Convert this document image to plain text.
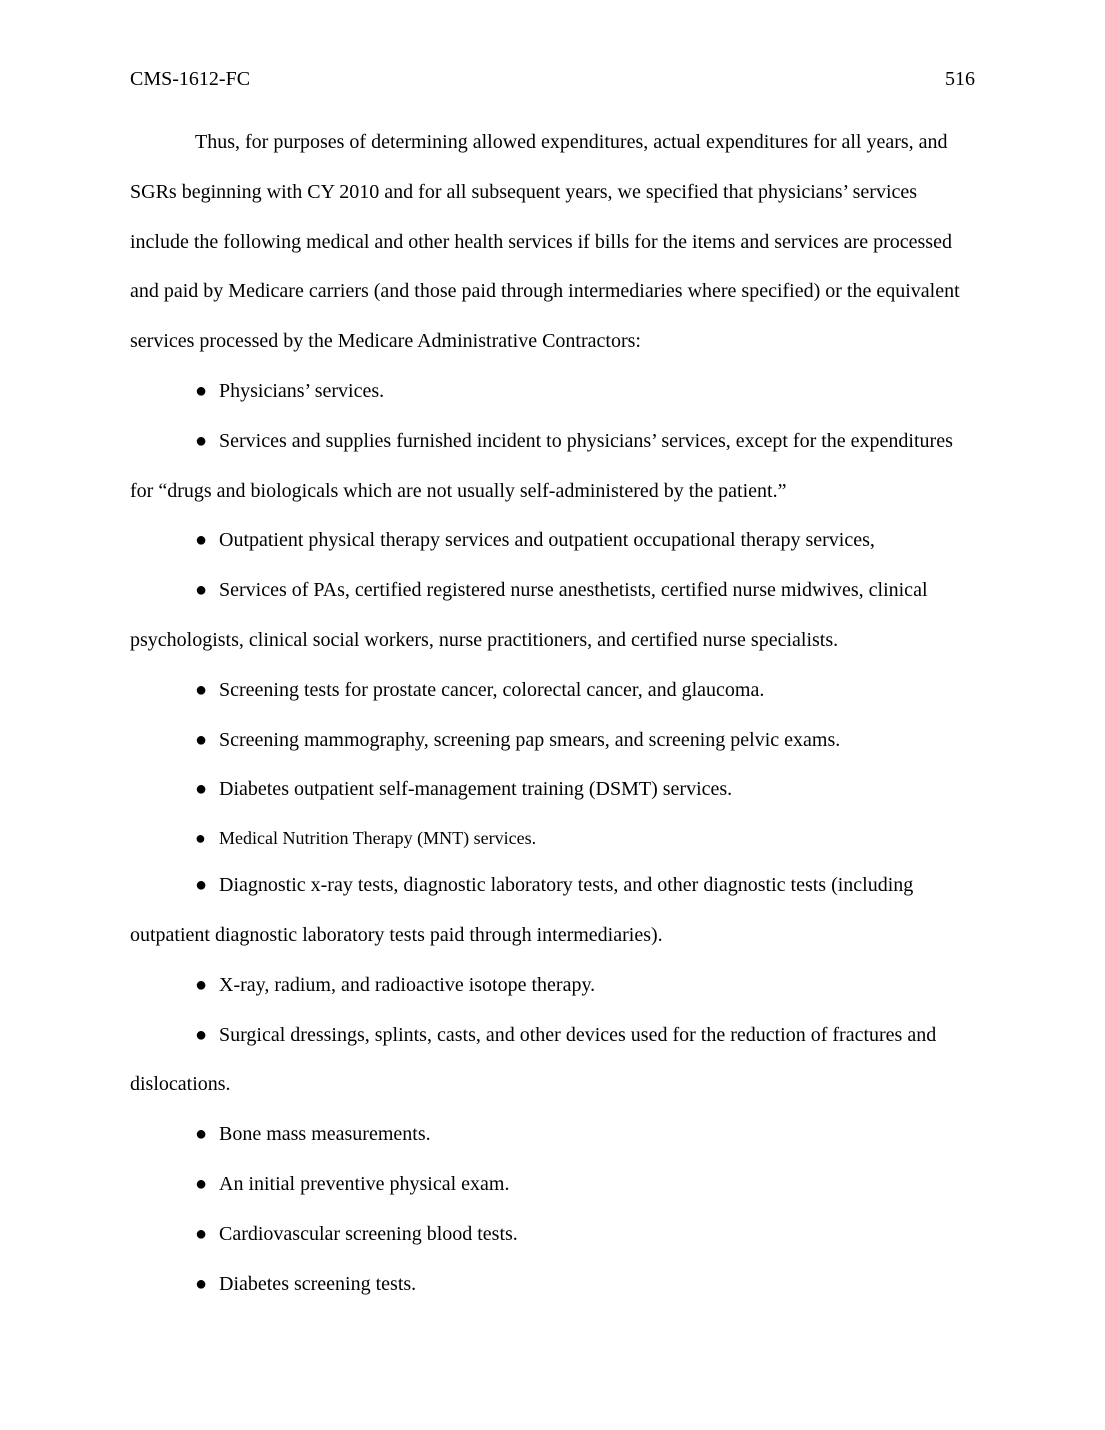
CMS-1612-FC	516

Thus, for purposes of determining allowed expenditures, actual expenditures for all years, and SGRs beginning with CY 2010 and for all subsequent years, we specified that physicians’ services include the following medical and other health services if bills for the items and services are processed and paid by Medicare carriers (and those paid through intermediaries where specified) or the equivalent services processed by the Medicare Administrative Contractors:

● Physicians’ services.

● Services and supplies furnished incident to physicians’ services, except for the expenditures for “drugs and biologicals which are not usually self-administered by the patient.”

● Outpatient physical therapy services and outpatient occupational therapy services,

● Services of PAs, certified registered nurse anesthetists, certified nurse midwives, clinical psychologists, clinical social workers, nurse practitioners, and certified nurse specialists.

● Screening tests for prostate cancer, colorectal cancer, and glaucoma.

● Screening mammography, screening pap smears, and screening pelvic exams.

● Diabetes outpatient self-management training (DSMT) services.

● Medical Nutrition Therapy (MNT) services.

● Diagnostic x-ray tests, diagnostic laboratory tests, and other diagnostic tests (including outpatient diagnostic laboratory tests paid through intermediaries).

● X-ray, radium, and radioactive isotope therapy.

● Surgical dressings, splints, casts, and other devices used for the reduction of fractures and dislocations.

● Bone mass measurements.

● An initial preventive physical exam.

● Cardiovascular screening blood tests.

● Diabetes screening tests.
